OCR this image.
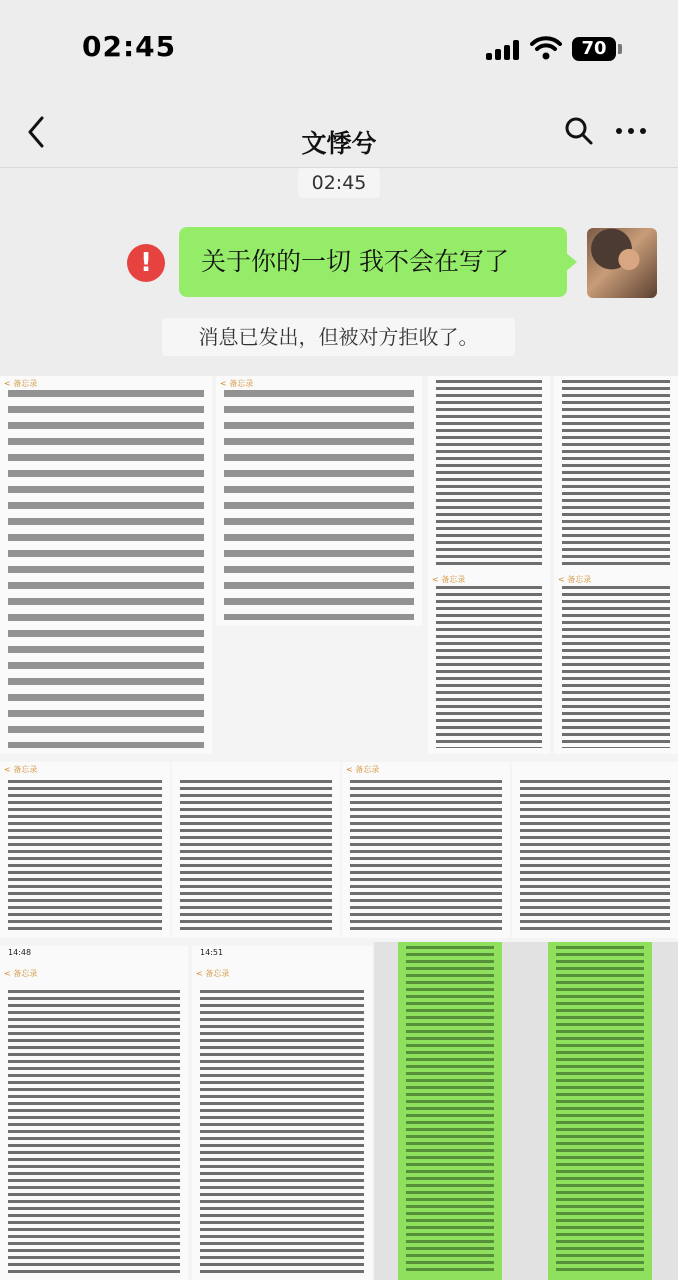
02:45	70
文悸兮
02:45
!	关于你的一切 我不会在写了
消息已发出，但被对方拒收了。
< 备忘录	< 备忘录
< 备忘录	< 备忘录
< 备忘录	< 备忘录
14:48
< 备忘录
14:51
< 备忘录
